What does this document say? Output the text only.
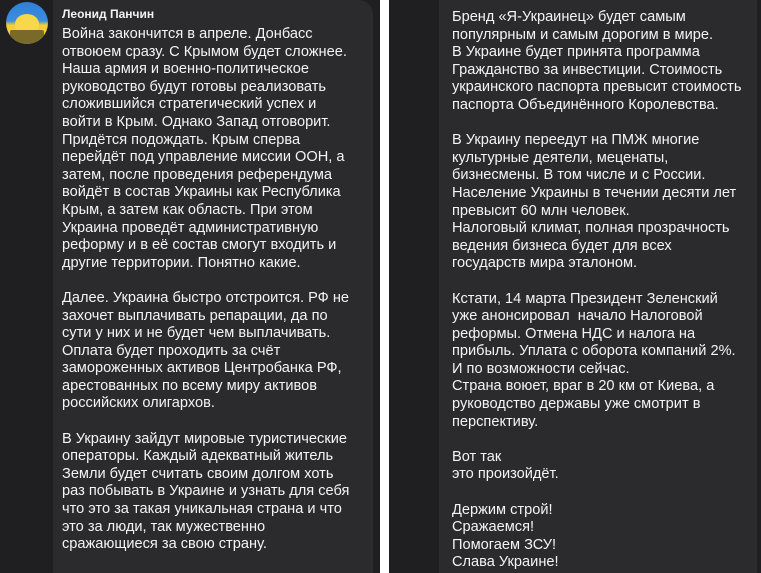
Леонид Панчин
Война закончится в апреле. Донбасс
отвоюем сразу. С Крымом будет сложнее.
Наша армия и военно-политическое
руководство будут готовы реализовать
сложившийся стратегический успех и
войти в Крым. Однако Запад отговорит.
Придётся подождать. Крым сперва
перейдёт под управление миссии ООН, а
затем, после проведения референдума
войдёт в состав Украины как Республика
Крым, а затем как область. При этом
Украина проведёт административную
реформу и в её состав смогут входить и
другие территории. Понятно какие.

Далее. Украина быстро отстроится. РФ не
захочет выплачивать репарации, да по
сути у них и не будет чем выплачивать.
Оплата будет проходить за счёт
замороженных активов Центробанка РФ,
арестованных по всему миру активов
российских олигархов.

В Украину зайдут мировые туристические
операторы. Каждый адекватный житель
Земли будет считать своим долгом хоть
раз побывать в Украине и узнать для себя
что это за такая уникальная страна и что
это за люди, так мужественно
сражающиеся за свою страну.
Бренд «Я-Украинец» будет самым
популярным и самым дорогим в мире.
В Украине будет принята программа
Гражданство за инвестиции. Стоимость
украинского паспорта превысит стоимость
паспорта Объединённого Королевства.

В Украину переедут на ПМЖ многие
культурные деятели, меценаты,
бизнесмены. В том числе и с России.
Население Украины в течении десяти лет
превысит 60 млн человек.
Налоговый климат, полная прозрачность
ведения бизнеса будет для всех
государств мира эталоном.

Кстати, 14 марта Президент Зеленский
уже анонсировал  начало Налоговой
реформы. Отмена НДС и налога на
прибыль. Уплата с оборота компаний 2%.
И по возможности сейчас.
Страна воюет, враг в 20 км от Киева, а
руководство державы уже смотрит в
перспективу.

Вот так
это произойдёт.

Держим строй!
Сражаемся!
Помогаем ЗСУ!
Слава Украине!
